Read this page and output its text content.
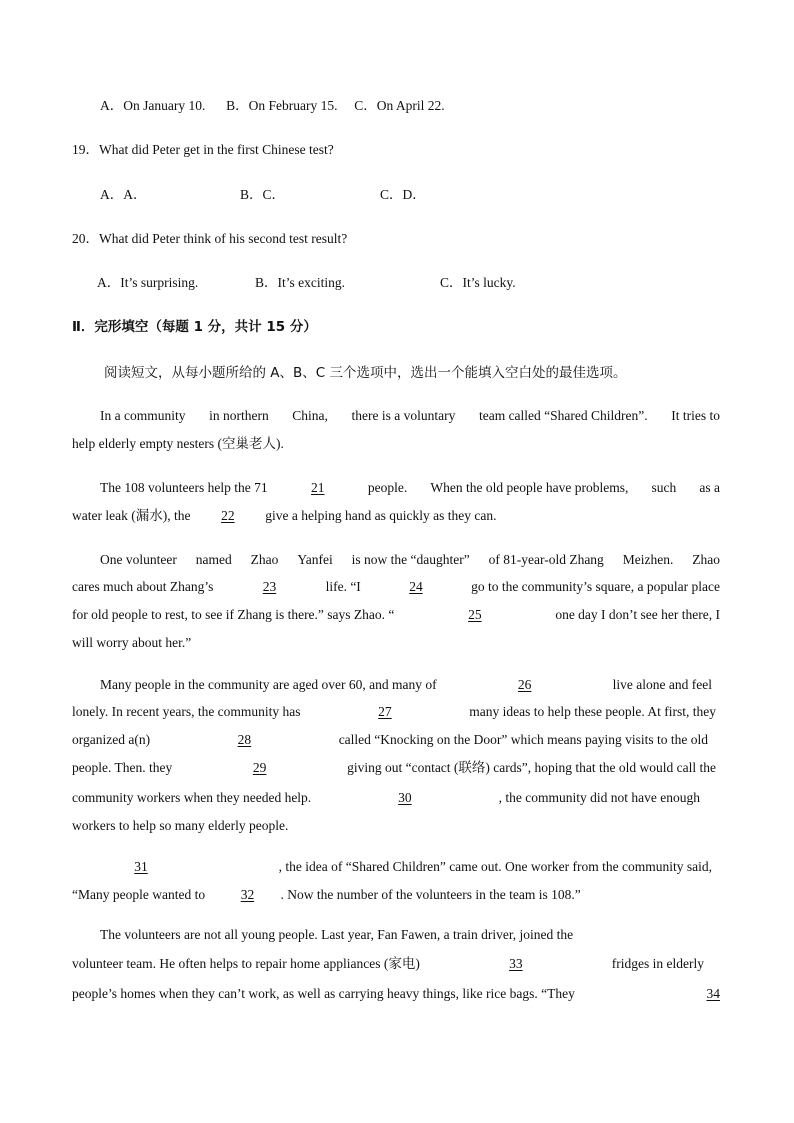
A．On January 10. B．On February 15. C．On April 22.
19．What did Peter get in the first Chinese test?
A．A．	B．C．	C．D．
20．What did Peter think of his second test result?
A．It’s surprising.	B．It’s exciting.	C．It’s lucky.
Ⅱ．完形填空（每题 1 分，共计 15 分）
阅读短文，从每小题所给的 A、B、C 三个选项中，选出一个能填入空白处的最佳选项。
In a community in northern China, there is a voluntary team called “Shared Children”. It tries to
help elderly empty nesters (空巢老人).
The 108 volunteers help the 71	21	people. When the old people have problems, such as a
water leak (漏水), the 22 give a helping hand as quickly as they can.
One volunteer named Zhao Yanfei is now the “daughter” of 81-year-old Zhang Meizhen. Zhao
cares much about Zhang’s	23	life. “I	24	go to the community’s square, a popular place
for old people to rest, to see if Zhang is there.” says Zhao. “	25	one day I don’t see her there, I
will worry about her.”
Many people in the community are aged over 60, and many of	26	live alone and feel
lonely. In recent years, the community has	27	many ideas to help these people. At first, they
organized a(n)	28	called “Knocking on the Door” which means paying visits to the old
people. Then. they	29	giving out “contact (联络) cards”, hoping that the old would call the
community workers when they needed help.	30	, the community did not have enough
workers to help so many elderly people.
31	, the idea of “Shared Children” came out. One worker from the community said,
“Many people wanted to	32 . Now the number of the volunteers in the team is 108.”
The volunteers are not all young people. Last year, Fan Fawen, a train driver, joined the
volunteer team. He often helps to repair home appliances (家电)	33	fridges in elderly
people’s homes when they can’t work, as well as carrying heavy things, like rice bags. “They	34
